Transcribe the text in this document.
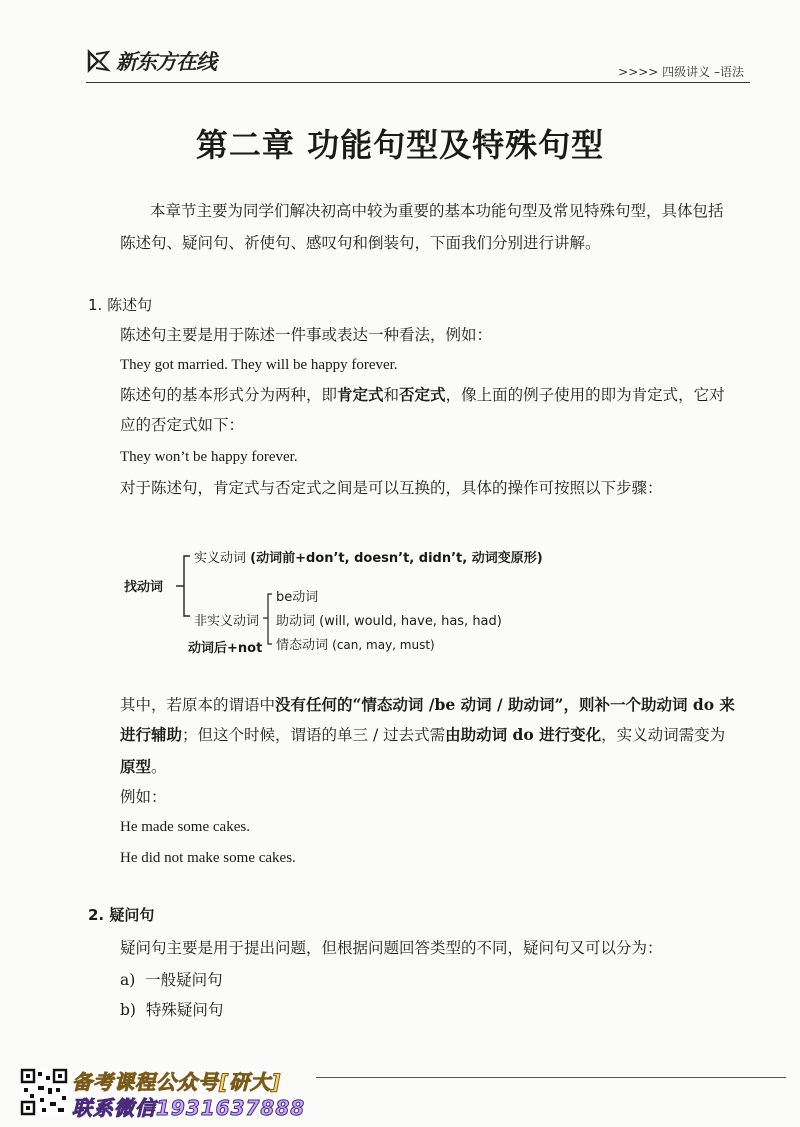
新东方在线	>>>> 四级讲义 –语法
第二章 功能句型及特殊句型
本章节主要为同学们解决初高中较为重要的基本功能句型及常见特殊句型，具体包括
陈述句、疑问句、祈使句、感叹句和倒装句，下面我们分别进行讲解。
1. 陈述句
陈述句主要是用于陈述一件事或表达一种看法，例如：
They got married. They will be happy forever.
陈述句的基本形式分为两种，即肯定式和否定式，像上面的例子使用的即为肯定式，它对
应的否定式如下：
They won’t be happy forever.
对于陈述句，肯定式与否定式之间是可以互换的，具体的操作可按照以下步骤：
找动词
实义动词 (动词前+don’t, doesn’t, didn’t, 动词变原形)
非实义动词
动词后+not
be动词
助动词 (will, would, have, has, had)
情态动词 (can, may, must)
其中，若原本的谓语中没有任何的“情态动词 /be 动词 / 助动词”，则补一个助动词 do 来
进行辅助；但这个时候，谓语的单三 / 过去式需由助动词 do 进行变化，实义动词需变为
原型。
例如：
He made some cakes.
He did not make some cakes.
2. 疑问句
疑问句主要是用于提出问题，但根据问题回答类型的不同，疑问句又可以分为：
a) 一般疑问句
b) 特殊疑问句
备考课程公众号[研大]
联系微信1931637888
